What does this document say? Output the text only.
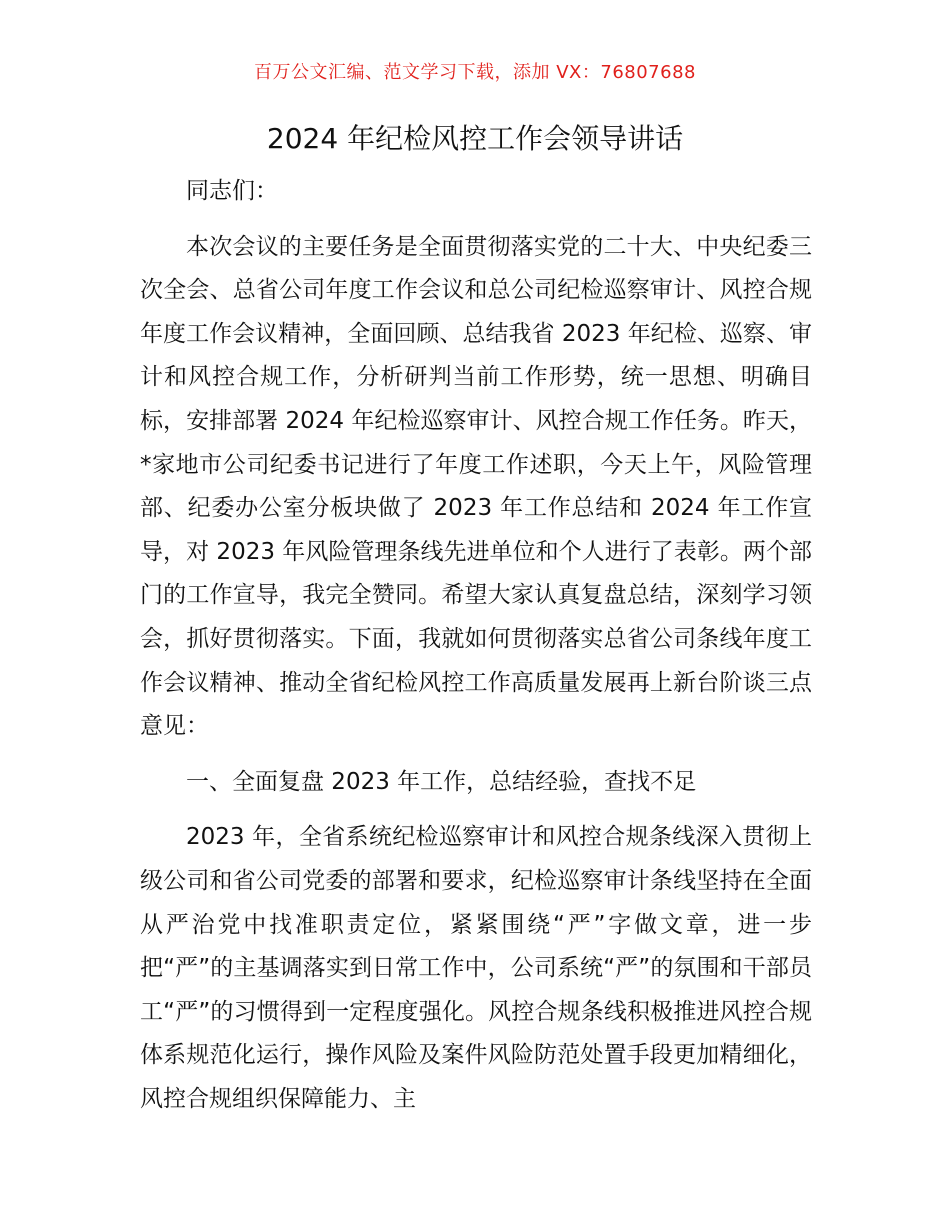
百万公文汇编、范文学习下载，添加 VX：76807688
2024 年纪检风控工作会领导讲话

同志们：

本次会议的主要任务是全面贯彻落实党的二十大、中央纪委三次全会、总省公司年度工作会议和总公司纪检巡察审计、风控合规年度工作会议精神，全面回顾、总结我省 2023 年纪检、巡察、审计和风控合规工作，分析研判当前工作形势，统一思想、明确目标，安排部署 2024 年纪检巡察审计、风控合规工作任务。昨天，*家地市公司纪委书记进行了年度工作述职，今天上午，风险管理部、纪委办公室分板块做了 2023 年工作总结和 2024 年工作宣导，对 2023 年风险管理条线先进单位和个人进行了表彰。两个部门的工作宣导，我完全赞同。希望大家认真复盘总结，深刻学习领会，抓好贯彻落实。下面，我就如何贯彻落实总省公司条线年度工作会议精神、推动全省纪检风控工作高质量发展再上新台阶谈三点意见：

一、全面复盘 2023 年工作，总结经验，查找不足

2023 年，全省系统纪检巡察审计和风控合规条线深入贯彻上级公司和省公司党委的部署和要求，纪检巡察审计条线坚持在全面从严治党中找准职责定位，紧紧围绕“严”字做文章，进一步把“严”的主基调落实到日常工作中，公司系统“严”的氛围和干部员工“严”的习惯得到一定程度强化。风控合规条线积极推进风控合规体系规范化运行，操作风险及案件风险防范处置手段更加精细化，风控合规组织保障能力、主
